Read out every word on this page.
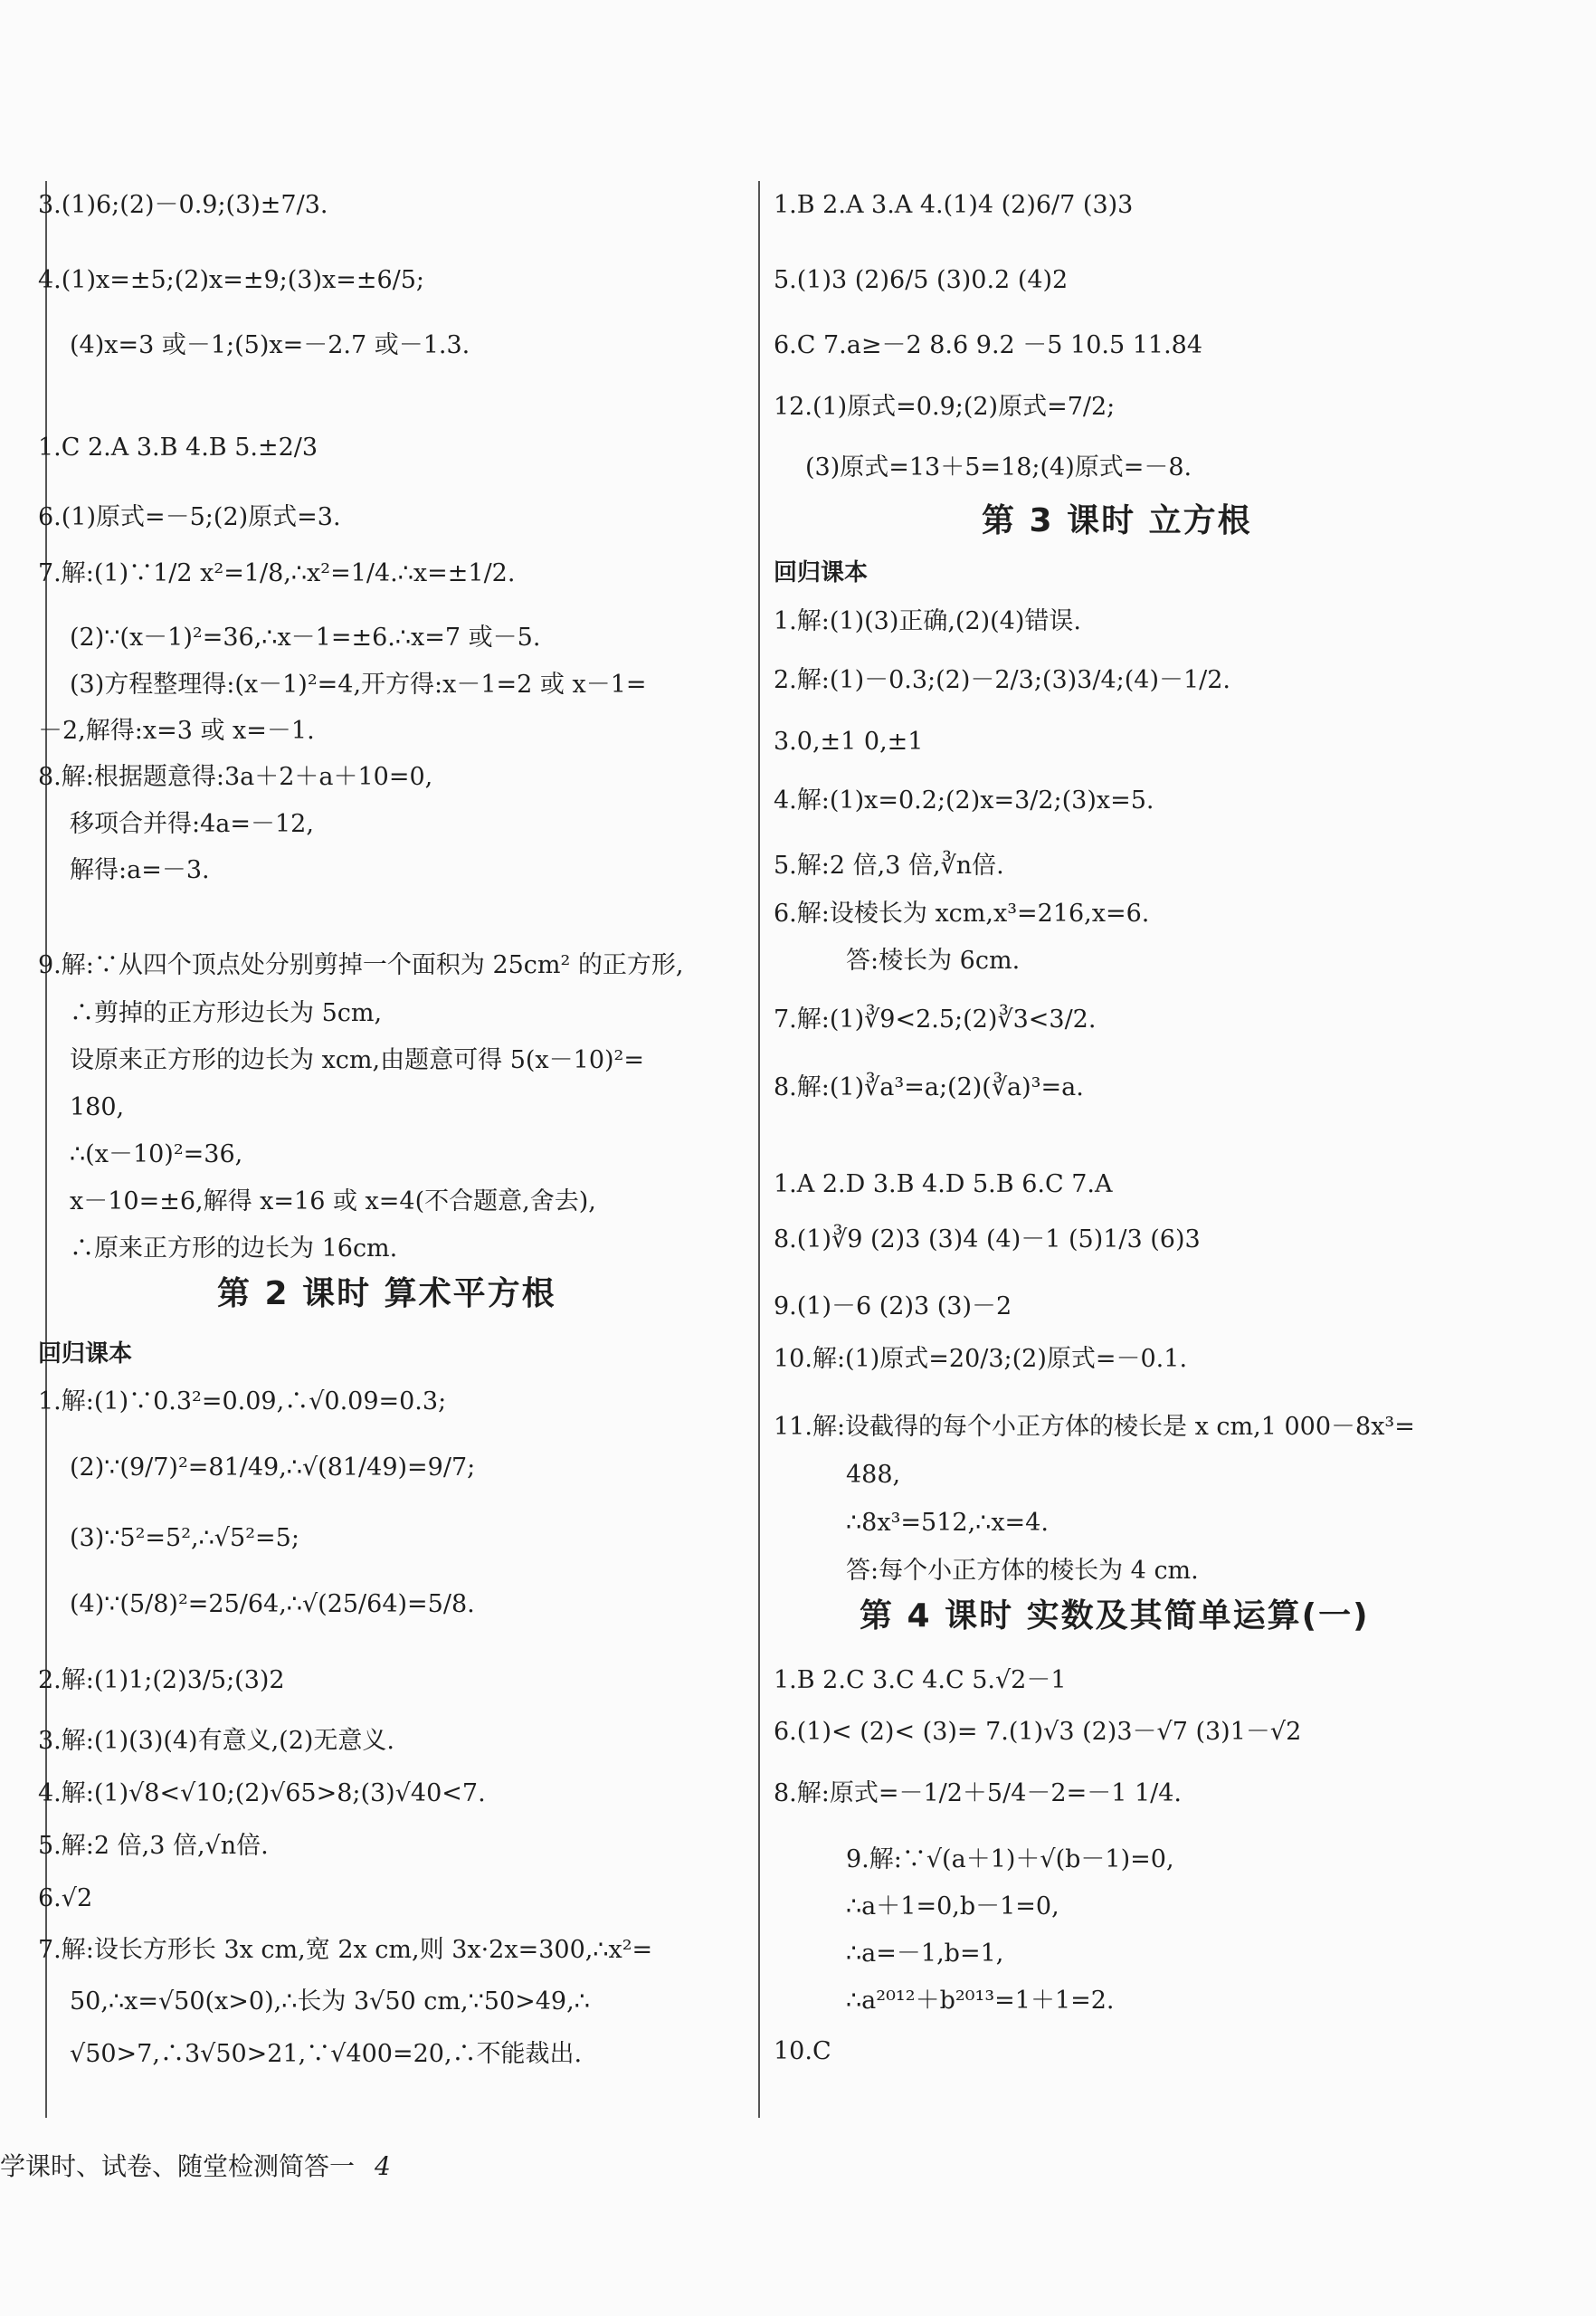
3.(1)6;(2)－0.9;(3)±7/3.
4.(1)x=±5;(2)x=±9;(3)x=±6/5;
(4)x=3 或－1;(5)x=－2.7 或－1.3.
1.C 2.A 3.B 4.B 5.±2/3
6.(1)原式=－5;(2)原式=3.
7.解:(1)∵1/2 x²=1/8,∴x²=1/4.∴x=±1/2.
(2)∵(x－1)²=36,∴x－1=±6.∴x=7 或－5.
(3)方程整理得:(x－1)²=4,开方得:x－1=2 或 x－1=
－2,解得:x=3 或 x=－1.
8.解:根据题意得:3a＋2＋a＋10=0,
移项合并得:4a=－12,
解得:a=－3.
9.解:∵从四个顶点处分别剪掉一个面积为 25cm² 的正方形,
∴剪掉的正方形边长为 5cm,
设原来正方形的边长为 xcm,由题意可得 5(x－10)²=
180,
∴(x－10)²=36,
x－10=±6,解得 x=16 或 x=4(不合题意,舍去),
∴原来正方形的边长为 16cm.
第 2 课时 算术平方根
回归课本
1.解:(1)∵0.3²=0.09,∴√0.09=0.3;
(2)∵(9/7)²=81/49,∴√(81/49)=9/7;
(3)∵5²=5²,∴√5²=5;
(4)∵(5/8)²=25/64,∴√(25/64)=5/8.
2.解:(1)1;(2)3/5;(3)2
3.解:(1)(3)(4)有意义,(2)无意义.
4.解:(1)√8<√10;(2)√65>8;(3)√40<7.
5.解:2 倍,3 倍,√n倍.
6.√2
7.解:设长方形长 3x cm,宽 2x cm,则 3x·2x=300,∴x²=
50,∴x=√50(x>0),∴长为 3√50 cm,∵50>49,∴
√50>7,∴3√50>21,∵√400=20,∴不能裁出.
1.B 2.A 3.A 4.(1)4 (2)6/7 (3)3
5.(1)3 (2)6/5 (3)0.2 (4)2
6.C 7.a≥－2 8.6 9.2 －5 10.5 11.84
12.(1)原式=0.9;(2)原式=7/2;
(3)原式=13＋5=18;(4)原式=－8.
第 3 课时 立方根
回归课本
1.解:(1)(3)正确,(2)(4)错误.
2.解:(1)－0.3;(2)－2/3;(3)3/4;(4)－1/2.
3.0,±1 0,±1
4.解:(1)x=0.2;(2)x=3/2;(3)x=5.
5.解:2 倍,3 倍,∛n倍.
6.解:设棱长为 xcm,x³=216,x=6.
答:棱长为 6cm.
7.解:(1)∛9<2.5;(2)∛3<3/2.
8.解:(1)∛a³=a;(2)(∛a)³=a.
1.A 2.D 3.B 4.D 5.B 6.C 7.A
8.(1)∛9 (2)3 (3)4 (4)－1 (5)1/3 (6)3
9.(1)－6 (2)3 (3)－2
10.解:(1)原式=20/3;(2)原式=－0.1.
11.解:设截得的每个小正方体的棱长是 x cm,1 000－8x³=
488,
∴8x³=512,∴x=4.
答:每个小正方体的棱长为 4 cm.
第 4 课时 实数及其简单运算(一)
1.B 2.C 3.C 4.C 5.√2－1
6.(1)< (2)< (3)= 7.(1)√3 (2)3－√7 (3)1－√2
8.解:原式=－1/2＋5/4－2=－1 1/4.
9.解:∵√(a＋1)＋√(b－1)=0,
∴a＋1=0,b－1=0,
∴a=－1,b=1,
∴a²⁰¹²＋b²⁰¹³=1＋1=2.
10.C
学课时、试卷、随堂检测简答一 4
